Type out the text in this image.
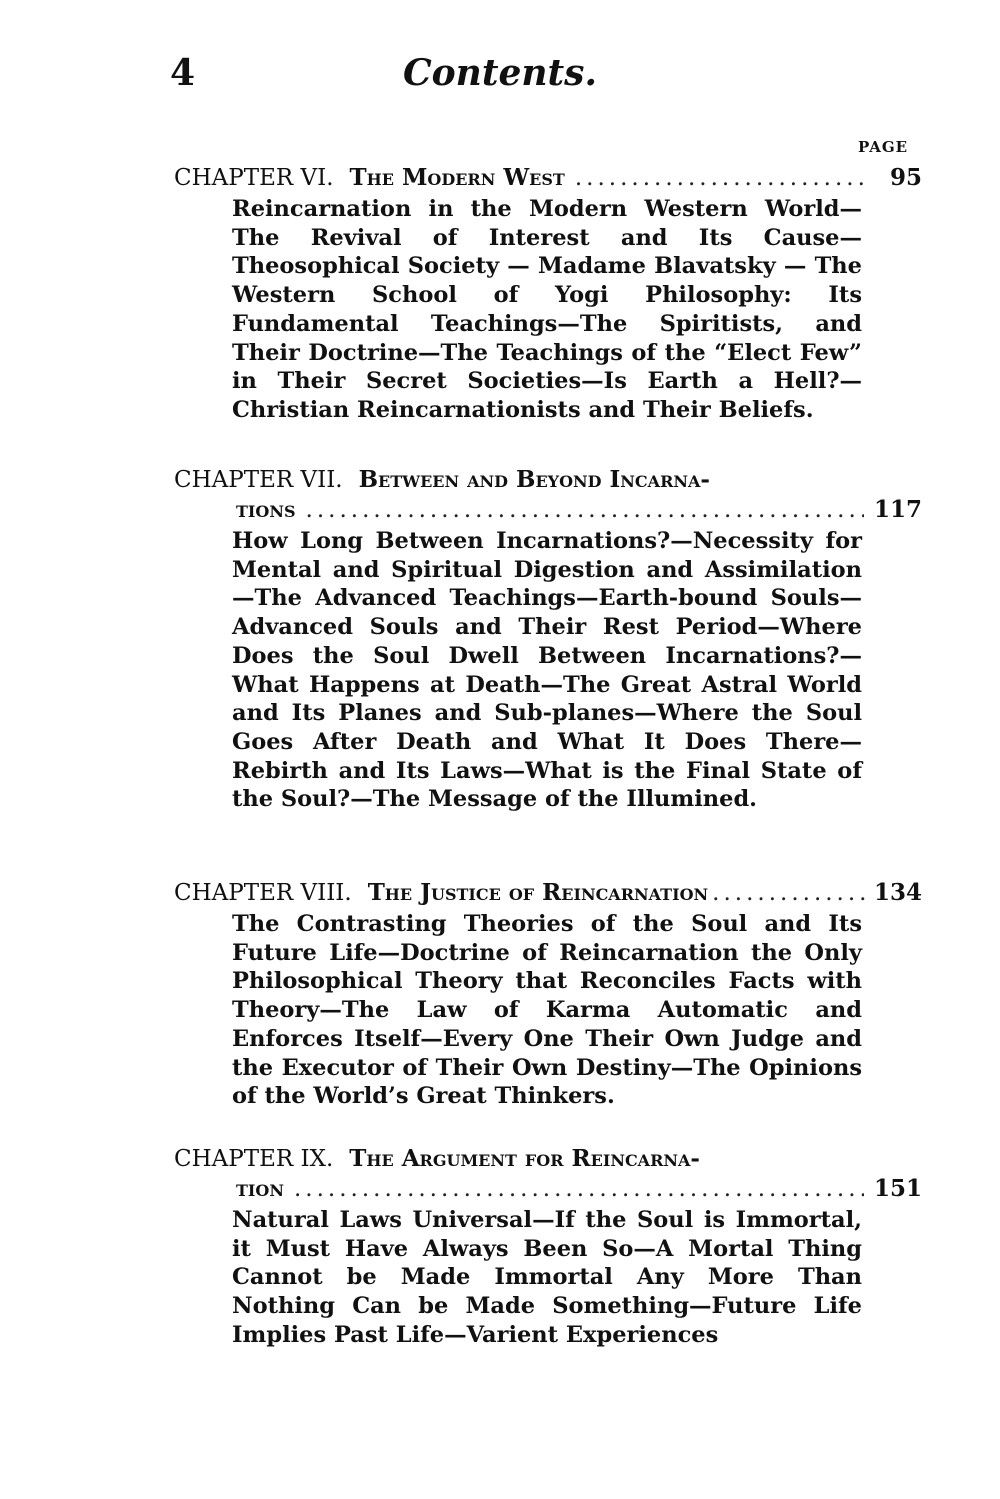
4	Contents.
PAGE
CHAPTER VI. The Modern West .....	95
Reincarnation in the Modern Western World—The Revival of Interest and Its Cause—Theosophical Society — Madame Blavatsky — The Western School of Yogi Philosophy: Its Fundamental Teachings—The Spiritists, and Their Doctrine—The Teachings of the “Elect Few” in Their Secret Societies—Is Earth a Hell?—Christian Reincarnationists and Their Beliefs.
CHAPTER VII. Between and Beyond Incarna-
tions .....	117
How Long Between Incarnations?—Necessity for Mental and Spiritual Digestion and Assimilation—The Advanced Teachings—Earth-bound Souls—Advanced Souls and Their Rest Period—Where Does the Soul Dwell Between Incarnations?—What Happens at Death—The Great Astral World and Its Planes and Sub-planes—Where the Soul Goes After Death and What It Does There—Rebirth and Its Laws—What is the Final State of the Soul?—The Message of the Illumined.
CHAPTER VIII. The Justice of Reincarnation .....	134
The Contrasting Theories of the Soul and Its Future Life—Doctrine of Reincarnation the Only Philosophical Theory that Reconciles Facts with Theory—The Law of Karma Automatic and Enforces Itself—Every One Their Own Judge and the Executor of Their Own Destiny—The Opinions of the World’s Great Thinkers.
CHAPTER IX. The Argument for Reincarna-
tion .....	151
Natural Laws Universal—If the Soul is Immortal, it Must Have Always Been So—A Mortal Thing Cannot be Made Immortal Any More Than Nothing Can be Made Something—Future Life Implies Past Life—Varient Experiences
